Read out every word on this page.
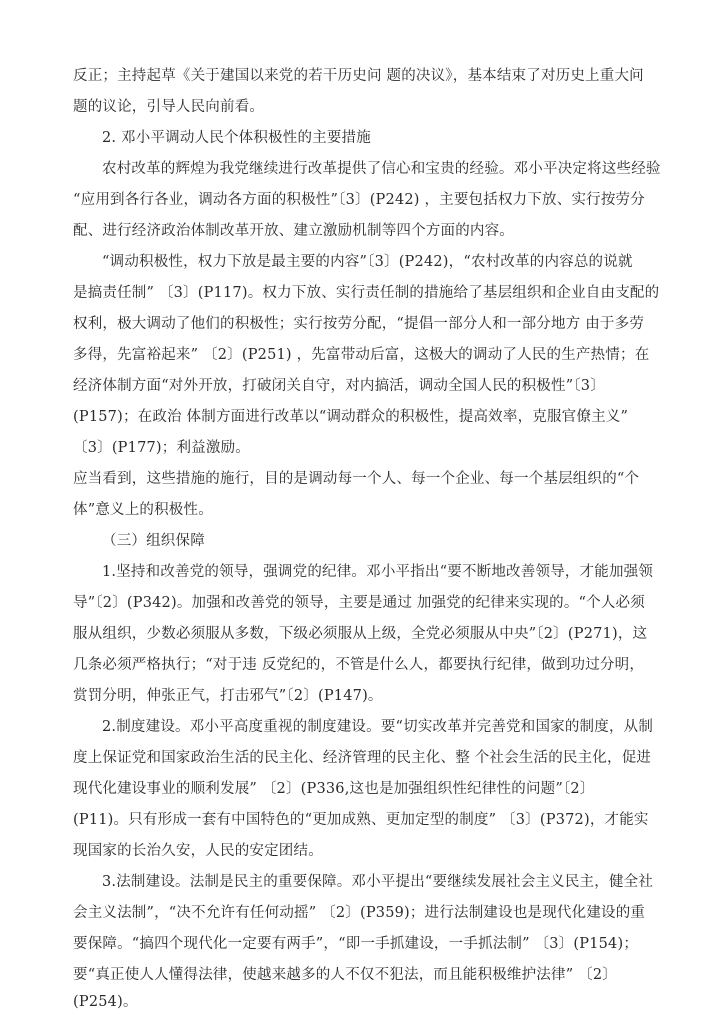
反正；主持起草《关于建国以来党的若干历史问 题的决议》，基本结束了对历史上重大问
题的议论，引导人民向前看。
2. 邓小平调动人民个体积极性的主要措施
农村改革的辉煌为我党继续进行改革提供了信心和宝贵的经验。邓小平决定将这些经验
“应用到各行各业，调动各方面的积极性”〔3〕(P242) ，主要包括权力下放、实行按劳分
配、进行经济政治体制改革开放、建立激励机制等四个方面的内容。
“调动积极性，权力下放是最主要的内容”〔3〕(P242)，“农村改革的内容总的说就
是搞责任制” 〔3〕(P117)。权力下放、实行责任制的措施给了基层组织和企业自由支配的
权利，极大调动了他们的积极性；实行按劳分配，“提倡一部分人和一部分地方 由于多劳
多得，先富裕起来” 〔2〕(P251) ，先富带动后富，这极大的调动了人民的生产热情；在
经济体制方面“对外开放，打破闭关自守，对内搞活，调动全国人民的积极性”〔3〕
(P157)；在政治 体制方面进行改革以“调动群众的积极性，提高效率，克服官僚主义”
〔3〕(P177)；利益激励。
应当看到，这些措施的施行，目的是调动每一个人、每一个企业、每一个基层组织的“个
体”意义上的积极性。
（三）组织保障
1.坚持和改善党的领导，强调党的纪律。邓小平指出“要不断地改善领导，才能加强领
导”〔2〕(P342)。加强和改善党的领导，主要是通过 加强党的纪律来实现的。“个人必须
服从组织，少数必须服从多数，下级必须服从上级，全党必须服从中央”〔2〕(P271)，这
几条必须严格执行；“对于违 反党纪的，不管是什么人，都要执行纪律，做到功过分明，
赏罚分明，伸张正气，打击邪气”〔2〕(P147)。
2.制度建设。邓小平高度重视的制度建设。要“切实改革并完善党和国家的制度，从制
度上保证党和国家政治生活的民主化、经济管理的民主化、整 个社会生活的民主化，促进
现代化建设事业的顺利发展” 〔2〕(P336,这也是加强组织性纪律性的问题”〔2〕
(P11)。只有形成一套有中国特色的“更加成熟、更加定型的制度” 〔3〕(P372)，才能实
现国家的长治久安，人民的安定团结。
3.法制建设。法制是民主的重要保障。邓小平提出“要继续发展社会主义民主，健全社
会主义法制”，“决不允许有任何动摇” 〔2〕(P359)；进行法制建设也是现代化建设的重
要保障。“搞四个现代化一定要有两手”，“即一手抓建设，一手抓法制” 〔3〕(P154)；
要“真正使人人懂得法律，使越来越多的人不仅不犯法，而且能积极维护法律” 〔2〕
(P254)。
